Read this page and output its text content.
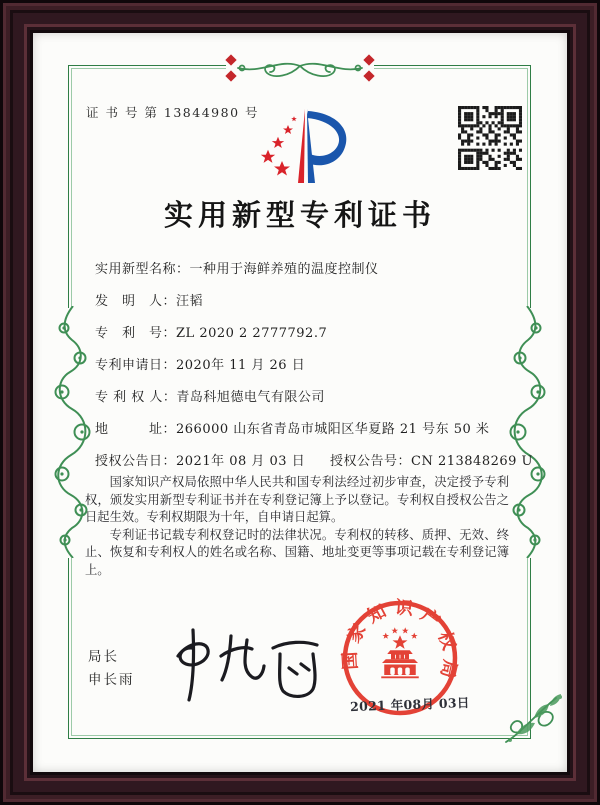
证 书 号 第 13844980 号
实用新型专利证书
实用新型名称：一种用于海鲜养殖的温度控制仪
发　明　人：汪韬
专　利　号：ZL 2020 2 2777792.7
专利申请日：2020年 11 月 26 日
专 利 权 人：青岛科旭德电气有限公司
地　　　址：266000 山东省青岛市城阳区华夏路 21 号东 50 米
授权公告日：2021年 08 月 03 日 授权公告号：CN 213848269 U

国家知识产权局依照中华人民共和国专利法经过初步审查，决定授予专利权，颁发实用新型专利证书并在专利登记簿上予以登记。专利权自授权公告之日起生效。专利权期限为十年，自申请日起算。

专利证书记载专利权登记时的法律状况。专利权的转移、质押、无效、终止、恢复和专利权人的姓名或名称、国籍、地址变更等事项记载在专利登记簿上。

局长
申长雨
国家知识产权局
2021 年08月 03日
